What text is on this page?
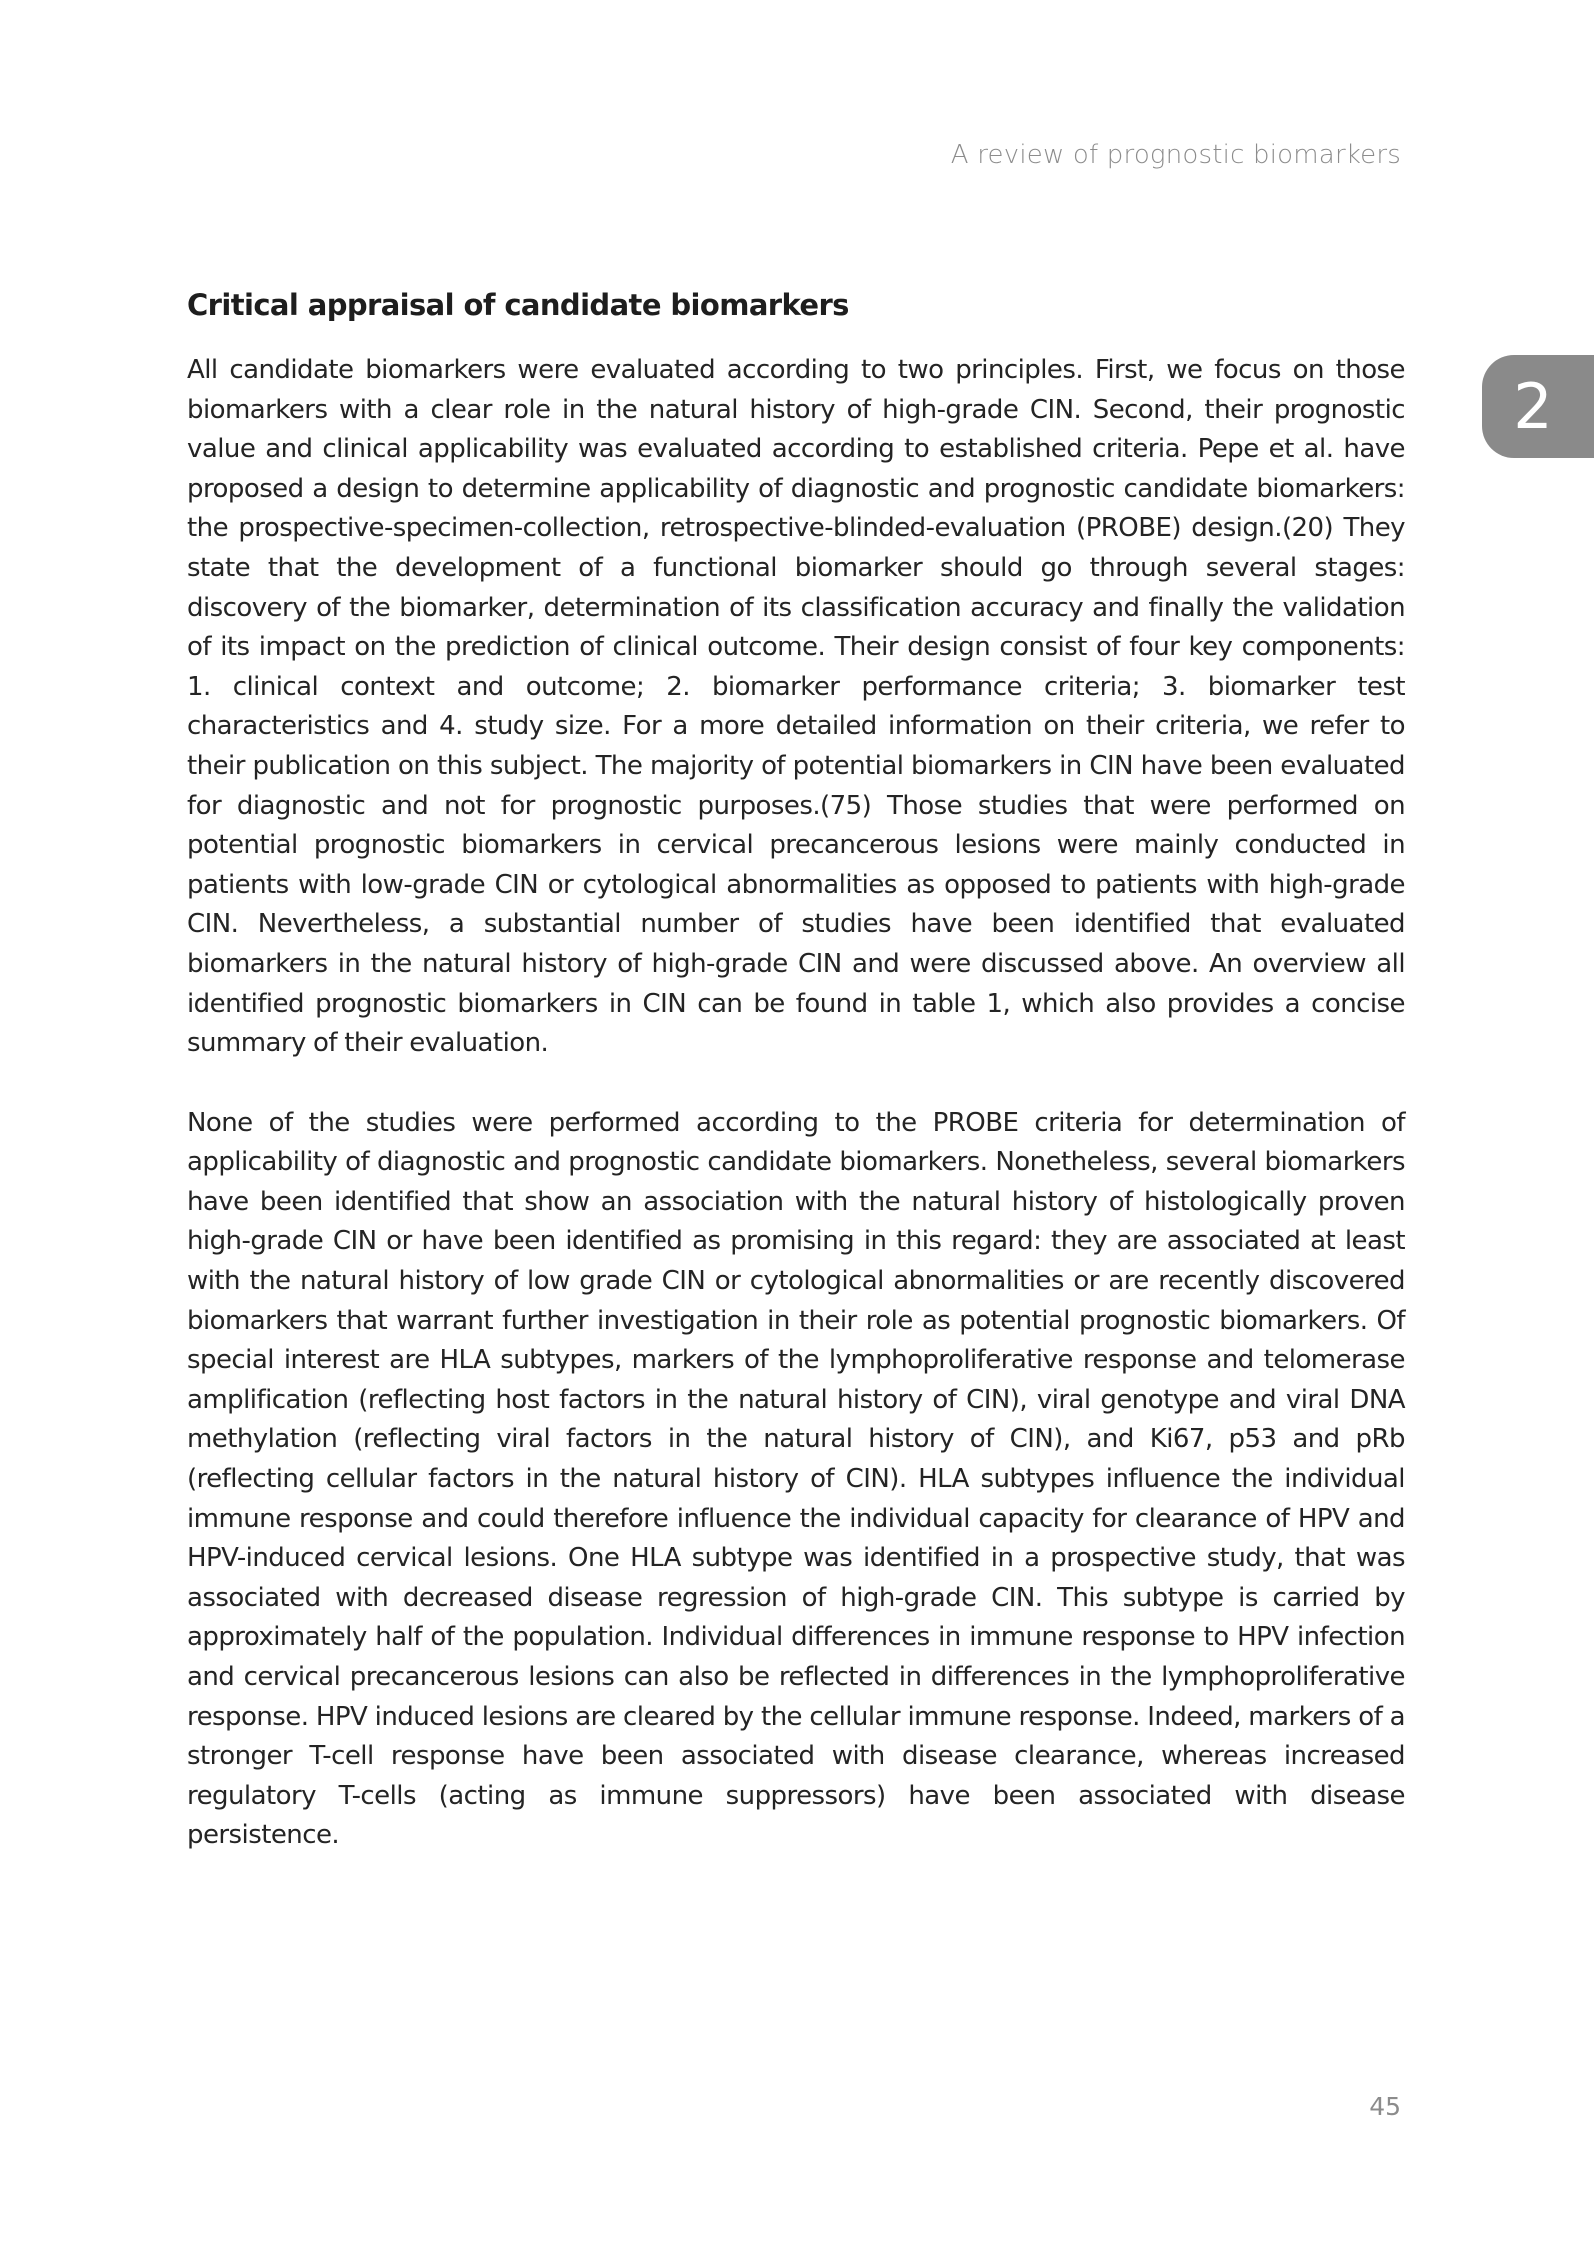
A review of prognostic biomarkers
2
Critical appraisal of candidate biomarkers

All candidate biomarkers were evaluated according to two principles. First, we focus on those biomarkers with a clear role in the natural history of high-grade CIN. Second, their prognostic value and clinical applicability was evaluated according to established criteria. Pepe et al. have proposed a design to determine applicability of diagnostic and prognostic candidate biomarkers: the prospective-specimen-collection, retrospective-blinded-evaluation (PROBE) design.(20) They state that the development of a functional biomarker should go through several stages: discovery of the biomarker, determination of its classification accuracy and finally the validation of its impact on the prediction of clinical outcome. Their design consist of four key components: 1. clinical context and outcome; 2. biomarker performance criteria; 3. biomarker test characteristics and 4. study size. For a more detailed information on their criteria, we refer to their publication on this subject. The majority of potential biomarkers in CIN have been evaluated for diagnostic and not for prognostic purposes.(75) Those studies that were performed on potential prognostic biomarkers in cervical precancerous lesions were mainly conducted in patients with low-grade CIN or cytological abnormalities as opposed to patients with high-grade CIN. Nevertheless, a substantial number of studies have been identified that evaluated biomarkers in the natural history of high-grade CIN and were discussed above. An overview all identified prognostic biomarkers in CIN can be found in table 1, which also provides a concise summary of their evaluation.

None of the studies were performed according to the PROBE criteria for determination of applicability of diagnostic and prognostic candidate biomarkers. Nonetheless, several biomarkers have been identified that show an association with the natural history of histologically proven high-grade CIN or have been identified as promising in this regard: they are associated at least with the natural history of low grade CIN or cytological abnormalities or are recently discovered biomarkers that warrant further investigation in their role as potential prognostic biomarkers. Of special interest are HLA subtypes, markers of the lymphoproliferative response and telomerase amplification (reflecting host factors in the natural history of CIN), viral genotype and viral DNA methylation (reflecting viral factors in the natural history of CIN), and Ki67, p53 and pRb (reflecting cellular factors in the natural history of CIN). HLA subtypes influence the individual immune response and could therefore influence the individual capacity for clearance of HPV and HPV-induced cervical lesions. One HLA subtype was identified in a prospective study, that was associated with decreased disease regression of high-grade CIN. This subtype is carried by approximately half of the population. Individual differences in immune response to HPV infection and cervical precancerous lesions can also be reflected in differences in the lymphoproliferative response. HPV induced lesions are cleared by the cellular immune response. Indeed, markers of a stronger T-cell response have been associated with disease clearance, whereas increased regulatory T-cells (acting as immune suppressors) have been associated with disease persistence.

45
